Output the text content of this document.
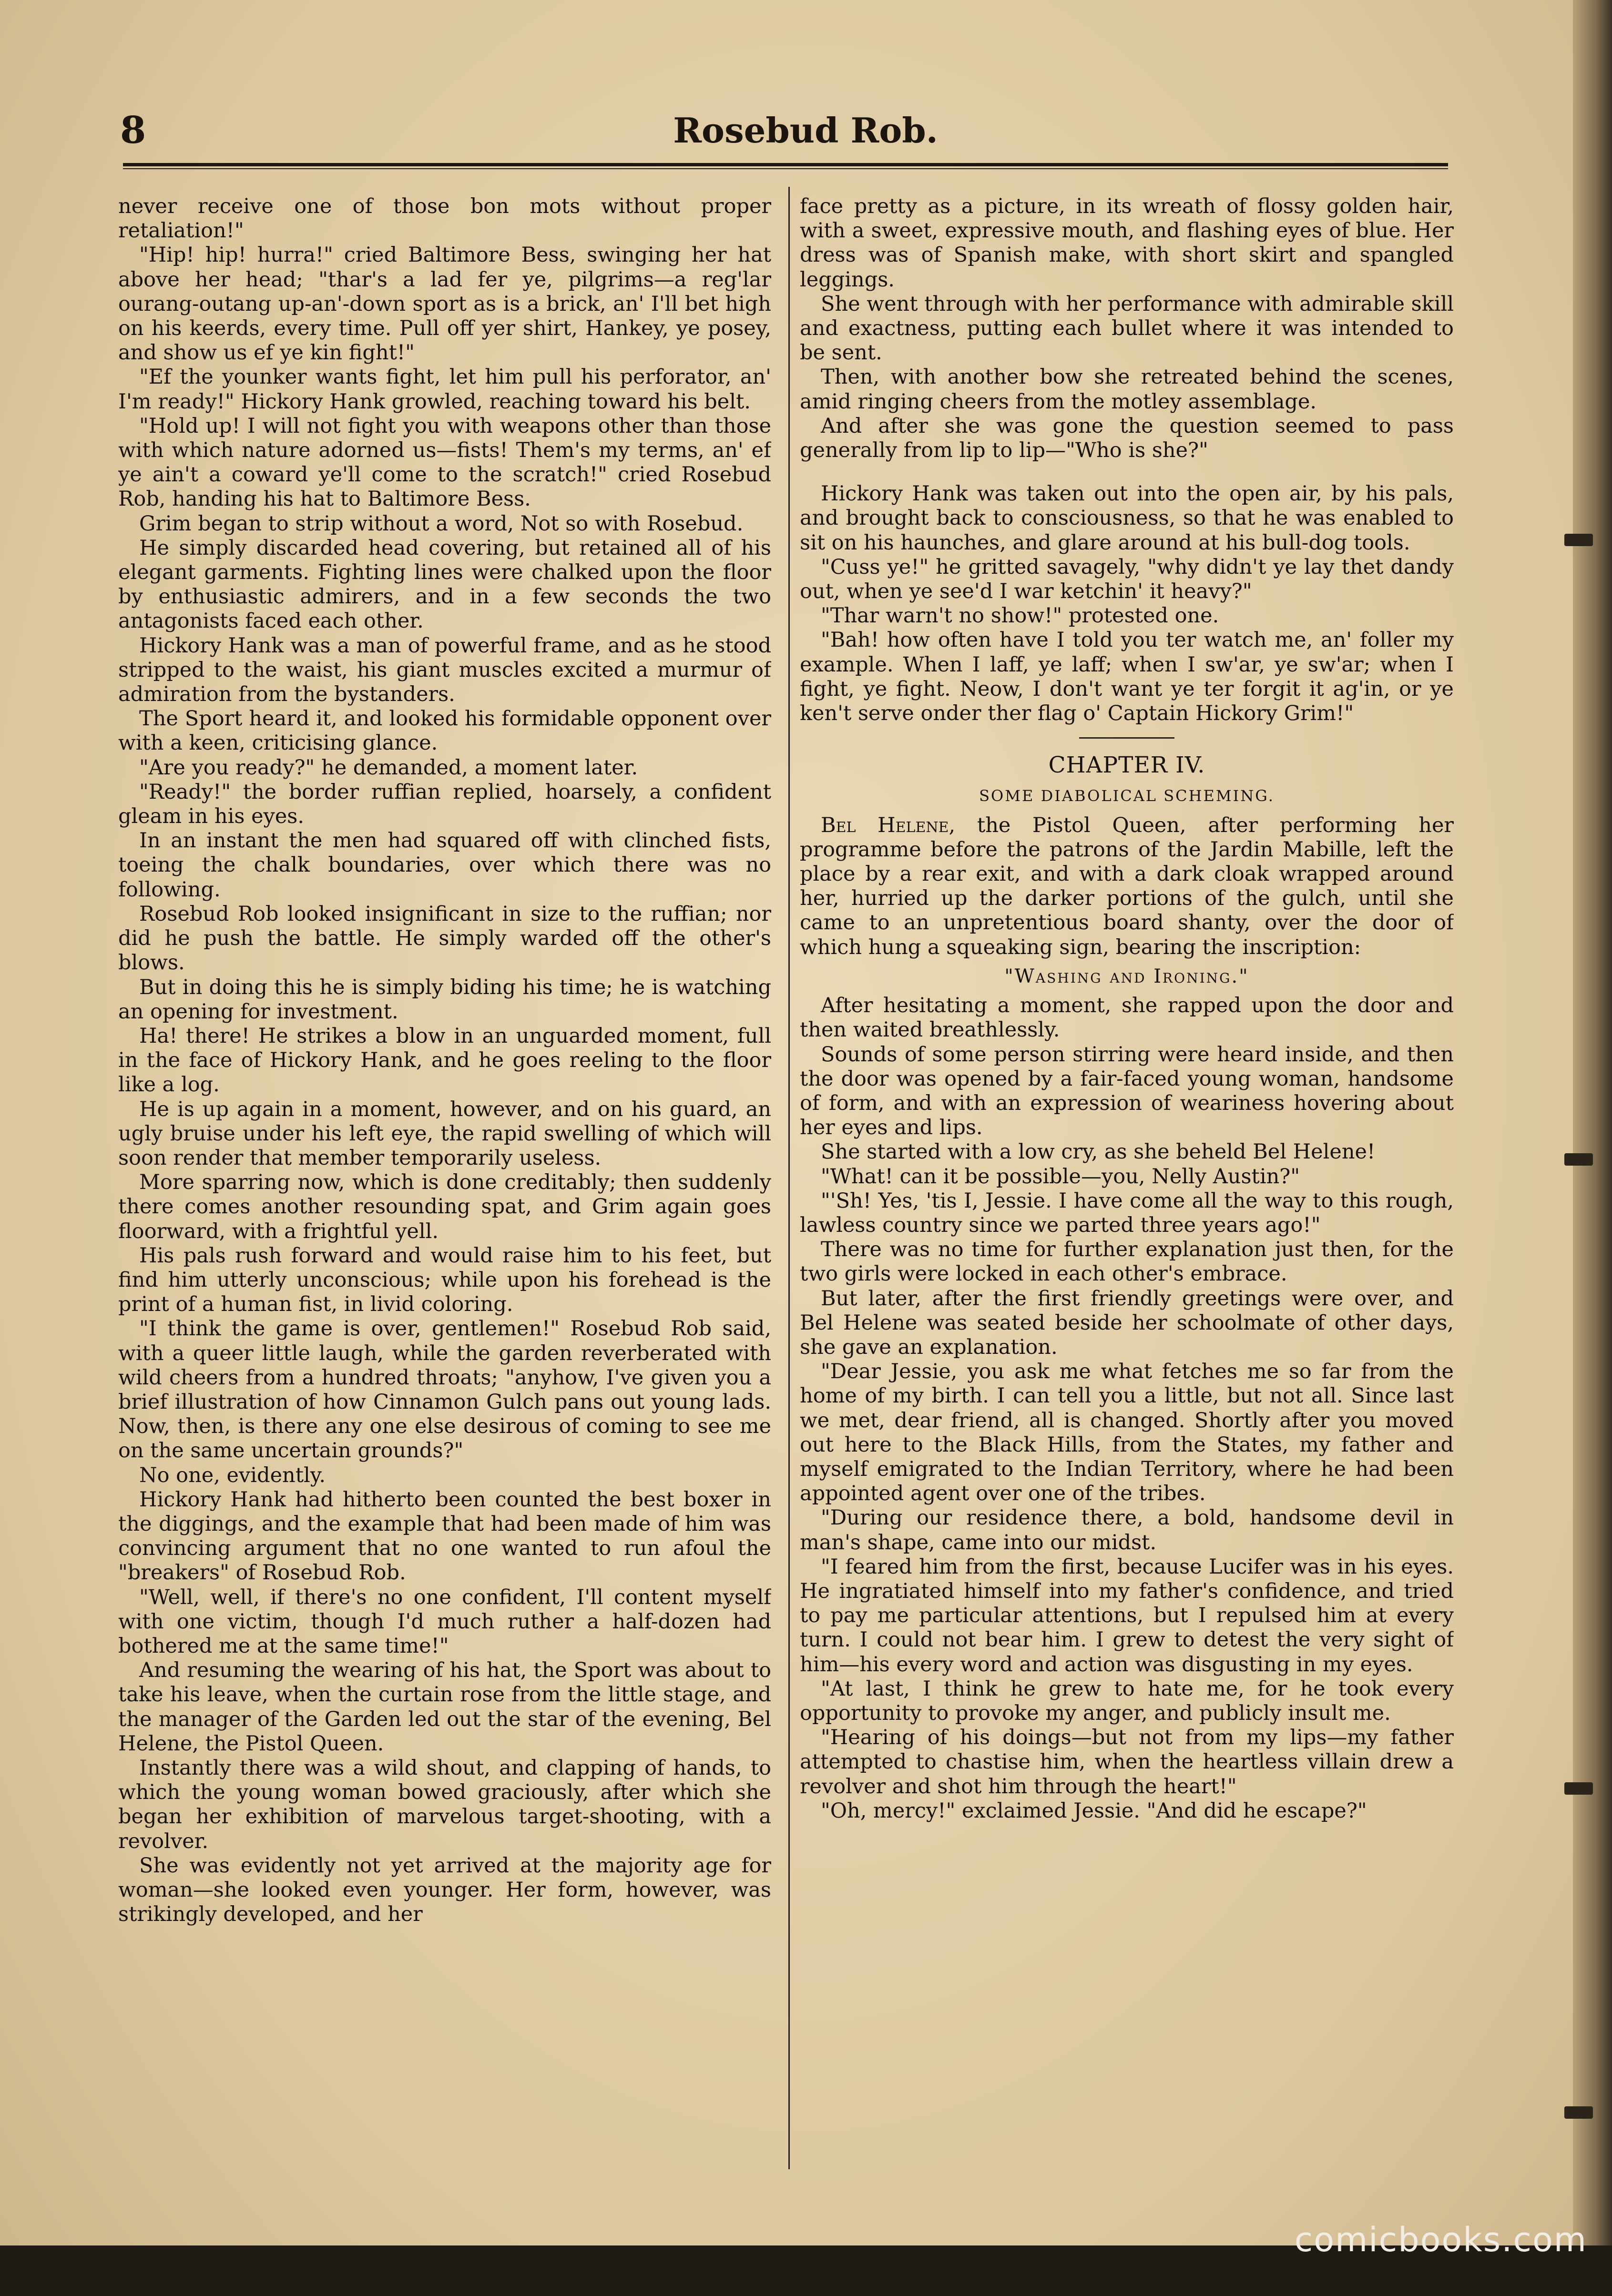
8	Rosebud Rob.

never receive one of those bon mots without proper retaliation!"

"Hip! hip! hurra!" cried Baltimore Bess, swinging her hat above her head; "thar's a lad fer ye, pilgrims—a reg'lar ourang-outang up-an'-down sport as is a brick, an' I'll bet high on his keerds, every time. Pull off yer shirt, Hankey, ye posey, and show us ef ye kin fight!"

"Ef the younker wants fight, let him pull his perforator, an' I'm ready!" Hickory Hank growled, reaching toward his belt.

"Hold up! I will not fight you with weapons other than those with which nature adorned us—fists! Them's my terms, an' ef ye ain't a coward ye'll come to the scratch!" cried Rosebud Rob, handing his hat to Baltimore Bess.

Grim began to strip without a word, Not so with Rosebud.

He simply discarded head covering, but retained all of his elegant garments. Fighting lines were chalked upon the floor by enthusiastic admirers, and in a few seconds the two antagonists faced each other.

Hickory Hank was a man of powerful frame, and as he stood stripped to the waist, his giant muscles excited a murmur of admiration from the bystanders.

The Sport heard it, and looked his formidable opponent over with a keen, criticising glance.

"Are you ready?" he demanded, a moment later.

"Ready!" the border ruffian replied, hoarsely, a confident gleam in his eyes.

In an instant the men had squared off with clinched fists, toeing the chalk boundaries, over which there was no following.

Rosebud Rob looked insignificant in size to the ruffian; nor did he push the battle. He simply warded off the other's blows.

But in doing this he is simply biding his time; he is watching an opening for investment.

Ha! there! He strikes a blow in an unguarded moment, full in the face of Hickory Hank, and he goes reeling to the floor like a log.

He is up again in a moment, however, and on his guard, an ugly bruise under his left eye, the rapid swelling of which will soon render that member temporarily useless.

More sparring now, which is done creditably; then suddenly there comes another resounding spat, and Grim again goes floorward, with a frightful yell.

His pals rush forward and would raise him to his feet, but find him utterly unconscious; while upon his forehead is the print of a human fist, in livid coloring.

"I think the game is over, gentlemen!" Rosebud Rob said, with a queer little laugh, while the garden reverberated with wild cheers from a hundred throats; "anyhow, I've given you a brief illustration of how Cinnamon Gulch pans out young lads. Now, then, is there any one else desirous of coming to see me on the same uncertain grounds?"

No one, evidently.

Hickory Hank had hitherto been counted the best boxer in the diggings, and the example that had been made of him was convincing argument that no one wanted to run afoul the "breakers" of Rosebud Rob.

"Well, well, if there's no one confident, I'll content myself with one victim, though I'd much ruther a half-dozen had bothered me at the same time!"

And resuming the wearing of his hat, the Sport was about to take his leave, when the curtain rose from the little stage, and the manager of the Garden led out the star of the evening, Bel Helene, the Pistol Queen.

Instantly there was a wild shout, and clapping of hands, to which the young woman bowed graciously, after which she began her exhibition of marvelous target-shooting, with a revolver.

She was evidently not yet arrived at the majority age for woman—she looked even younger. Her form, however, was strikingly developed, and her

face pretty as a picture, in its wreath of flossy golden hair, with a sweet, expressive mouth, and flashing eyes of blue. Her dress was of Spanish make, with short skirt and spangled leggings.

She went through with her performance with admirable skill and exactness, putting each bullet where it was intended to be sent.

Then, with another bow she retreated behind the scenes, amid ringing cheers from the motley assemblage.

And after she was gone the question seemed to pass generally from lip to lip—"Who is she?"

Hickory Hank was taken out into the open air, by his pals, and brought back to consciousness, so that he was enabled to sit on his haunches, and glare around at his bull-dog tools.

"Cuss ye!" he gritted savagely, "why didn't ye lay thet dandy out, when ye see'd I war ketchin' it heavy?"

"Thar warn't no show!" protested one.

"Bah! how often have I told you ter watch me, an' foller my example. When I laff, ye laff; when I sw'ar, ye sw'ar; when I fight, ye fight. Neow, I don't want ye ter forgit it ag'in, or ye ken't serve onder ther flag o' Captain Hickory Grim!"

CHAPTER IV.

SOME DIABOLICAL SCHEMING.

Bel Helene, the Pistol Queen, after performing her programme before the patrons of the Jardin Mabille, left the place by a rear exit, and with a dark cloak wrapped around her, hurried up the darker portions of the gulch, until she came to an unpretentious board shanty, over the door of which hung a squeaking sign, bearing the inscription:

"Washing and Ironing."

After hesitating a moment, she rapped upon the door and then waited breathlessly.

Sounds of some person stirring were heard inside, and then the door was opened by a fair-faced young woman, handsome of form, and with an expression of weariness hovering about her eyes and lips.

She started with a low cry, as she beheld Bel Helene!

"What! can it be possible—you, Nelly Austin?"

"'Sh! Yes, 'tis I, Jessie. I have come all the way to this rough, lawless country since we parted three years ago!"

There was no time for further explanation just then, for the two girls were locked in each other's embrace.

But later, after the first friendly greetings were over, and Bel Helene was seated beside her schoolmate of other days, she gave an explanation.

"Dear Jessie, you ask me what fetches me so far from the home of my birth. I can tell you a little, but not all. Since last we met, dear friend, all is changed. Shortly after you moved out here to the Black Hills, from the States, my father and myself emigrated to the Indian Territory, where he had been appointed agent over one of the tribes.

"During our residence there, a bold, handsome devil in man's shape, came into our midst.

"I feared him from the first, because Lucifer was in his eyes. He ingratiated himself into my father's confidence, and tried to pay me particular attentions, but I repulsed him at every turn. I could not bear him. I grew to detest the very sight of him—his every word and action was disgusting in my eyes.

"At last, I think he grew to hate me, for he took every opportunity to provoke my anger, and publicly insult me.

"Hearing of his doings—but not from my lips—my father attempted to chastise him, when the heartless villain drew a revolver and shot him through the heart!"

"Oh, mercy!" exclaimed Jessie. "And did he escape?"

comicbooks.com
